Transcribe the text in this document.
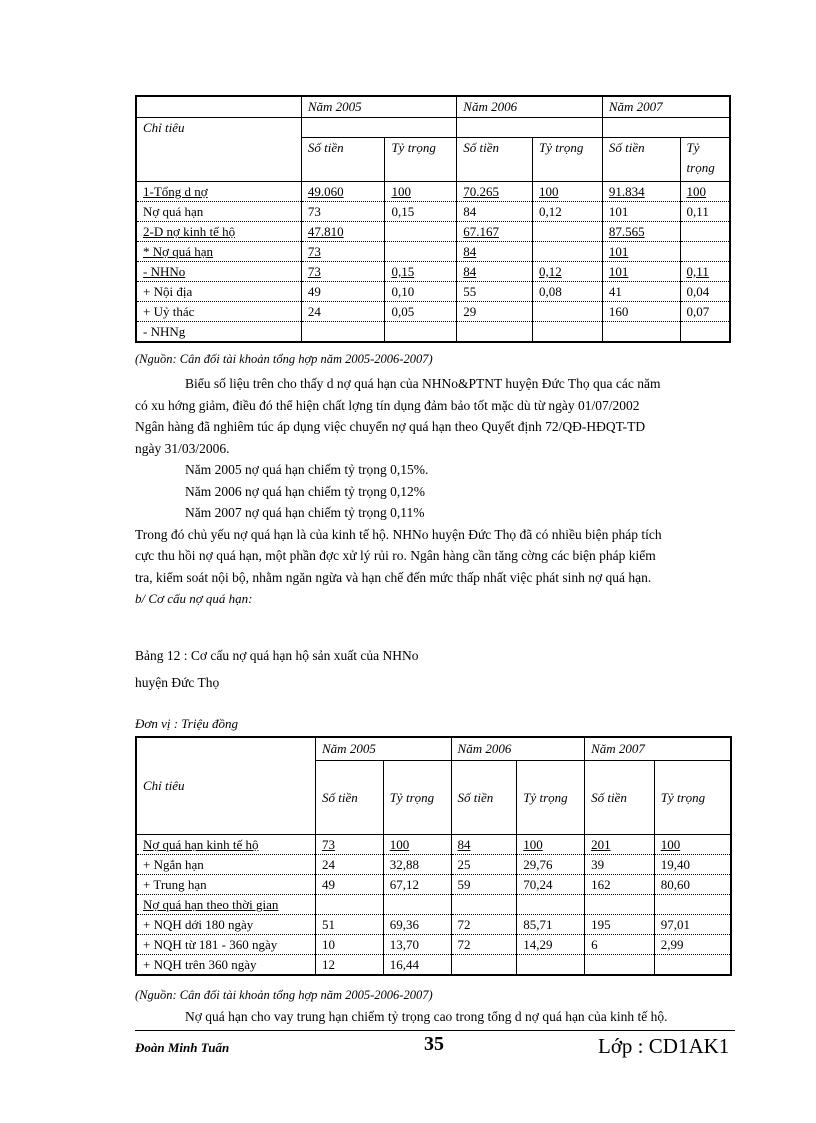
	Năm 2005		Năm 2006		Năm 2007	
Chỉ tiêu						
	Số tiền	Tỷ trọng	Số tiền	Tỷ trọng	Số tiền	Tỷ
trọng
1-Tổng d nợ	49.060	100	70.265	100	91.834	100
Nợ quá hạn	73	0,15	84	0,12	101	0,11
2-D nợ kinh tế hộ	47.810		67.167		87.565	
* Nợ quá hạn	73		84		101	
- NHNo	73	0,15	84	0,12	101	0,11
+ Nội địa	49	0,10	55	0,08	41	0,04
+ Uỷ thác	24	0,05	29		160	0,07
- NHNg						
(Nguồn: Cân đối tài khoản tổng hợp năm 2005-2006-2007)
Biểu số liệu trên cho thấy d nợ quá hạn của NHNo&PTNT huyện Đức Thọ qua các năm
có xu hớng giảm, điều đó thể hiện chất lợng tín dụng đảm bảo tốt mặc dù từ ngày 01/07/2002
Ngân hàng đã nghiêm túc áp dụng việc chuyển nợ quá hạn theo Quyết định 72/QĐ-HĐQT-TD
ngày 31/03/2006.
Năm 2005 nợ quá hạn chiếm tỷ trọng 0,15%.
Năm 2006 nợ quá hạn chiếm tỷ trọng 0,12%
Năm 2007 nợ quá hạn chiếm tỷ trọng 0,11%
Trong đó chủ yếu nợ quá hạn là của kinh tế hộ. NHNo huyện Đức Thọ đã có nhiều biện pháp tích
cực thu hồi nợ quá hạn, một phần đợc xử lý rủi ro. Ngân hàng cần tăng cờng các biện pháp kiểm
tra, kiểm soát nội bộ, nhằm ngăn ngừa và hạn chế đến mức thấp nhất việc phát sinh nợ quá hạn.
b/ Cơ cấu nợ quá hạn:
Bảng 12 : Cơ cấu nợ quá hạn hộ sản xuất của NHNo
huyện Đức Thọ
Đơn vị : Triệu đồng
Chỉ tiêu	Năm 2005		Năm 2006		Năm 2007	
	Số tiền	Tỷ trọng	Số tiền	Tỷ trọng	Số tiền	Tỷ trọng
Nợ quá hạn kinh tế hộ	73	100	84	100	201	100
+ Ngắn hạn	24	32,88	25	29,76	39	19,40
+ Trung hạn	49	67,12	59	70,24	162	80,60
Nợ quá hạn theo thời gian						
+ NQH dới 180 ngày	51	69,36	72	85,71	195	97,01
+ NQH từ 181 - 360 ngày	10	13,70	72	14,29	6	2,99
+ NQH trên 360 ngày	12	16,44				
(Nguồn: Cân đối tài khoản tổng hợp năm 2005-2006-2007)
Nợ quá hạn cho vay trung hạn chiếm tỷ trọng cao trong tổng d nợ quá hạn của kinh tế hộ.
Đoàn Minh Tuấn	35	Lớp : CD1AK1
